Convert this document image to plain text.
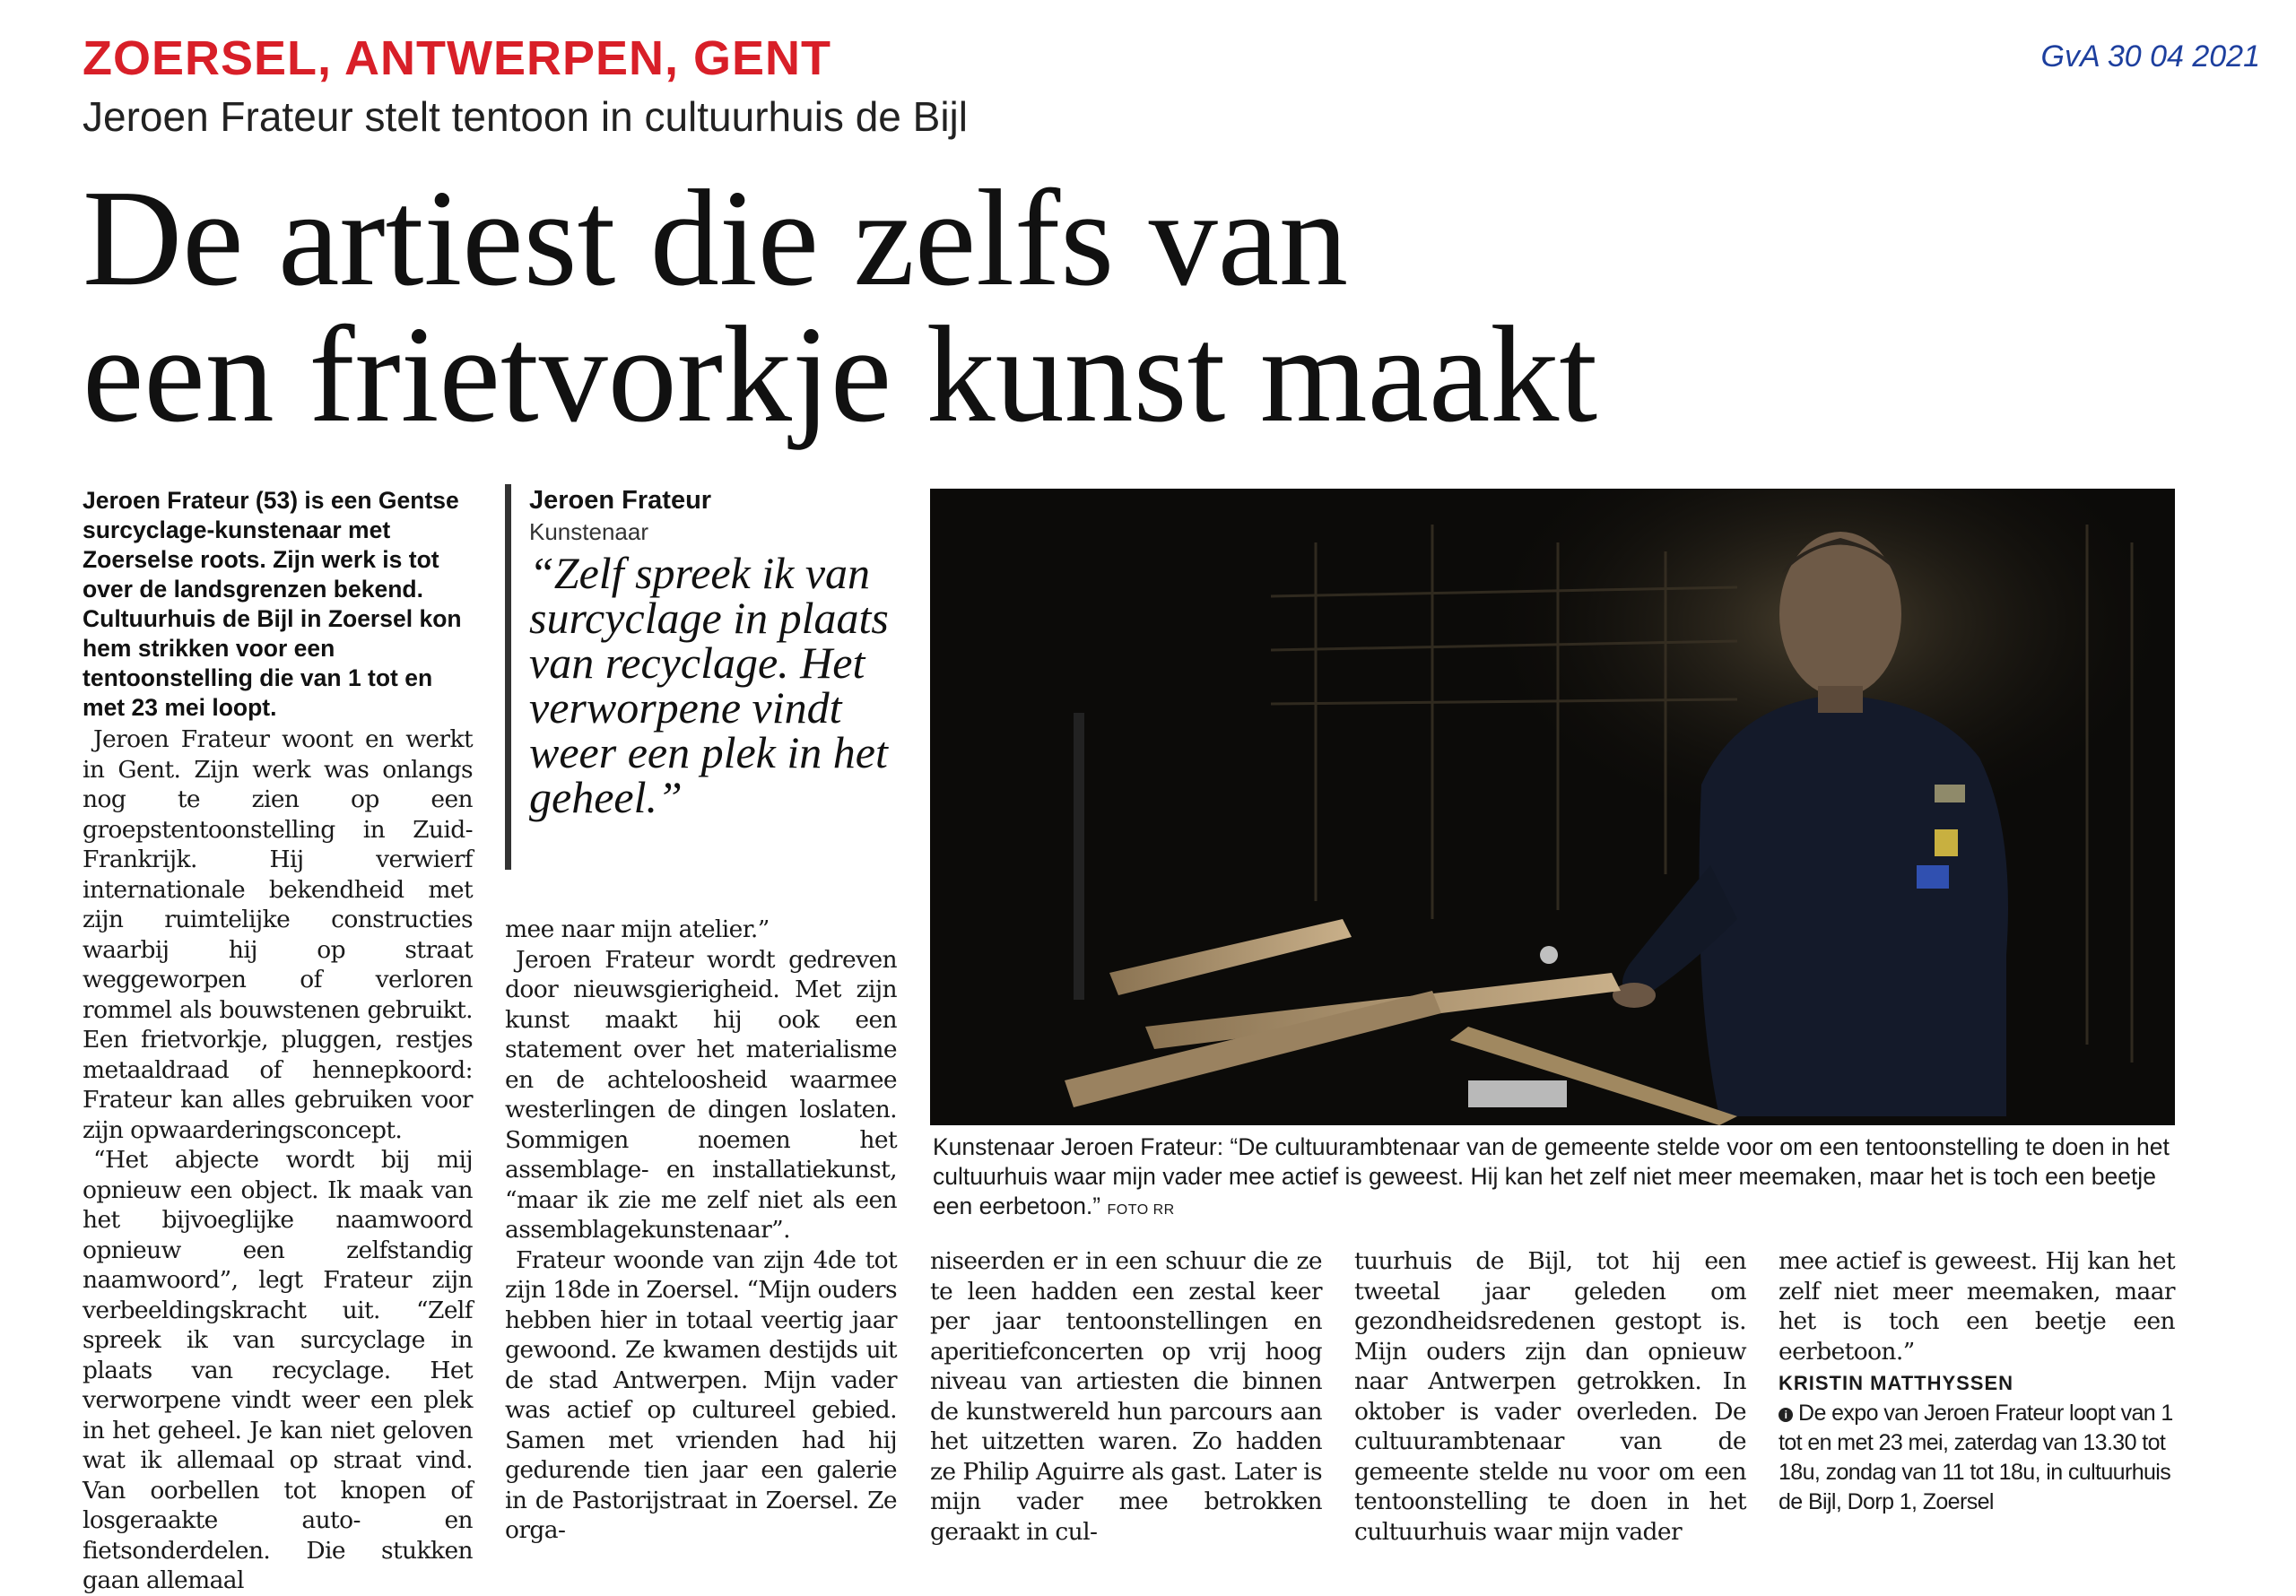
ZOERSEL, ANTWERPEN, GENT	GvA 30 04 2021
Jeroen Frateur stelt tentoon in cultuurhuis de Bijl
De artiest die zelfs van
een frietvorkje kunst maakt
Jeroen Frateur (53) is een Gentse surcyclage-kunstenaar met Zoerselse roots. Zijn werk is tot over de landsgrenzen bekend. Cultuurhuis de Bijl in Zoersel kon hem strikken voor een tentoonstelling die van 1 tot en met 23 mei loopt.

Jeroen Frateur woont en werkt in Gent. Zijn werk was onlangs nog te zien op een groepstentoonstelling in Zuid-Frankrijk. Hij verwierf internationale bekendheid met zijn ruimtelijke constructies waarbij hij op straat weggeworpen of verloren rommel als bouwstenen gebruikt. Een frietvorkje, pluggen, restjes metaaldraad of hennepkoord: Frateur kan alles gebruiken voor zijn opwaarderingsconcept.

“Het abjecte wordt bij mij opnieuw een object. Ik maak van het bijvoeglijke naamwoord opnieuw een zelfstandig naamwoord”, legt Frateur zijn verbeeldingskracht uit. “Zelf spreek ik van surcyclage in plaats van recyclage. Het verworpene vindt weer een plek in het geheel. Je kan niet geloven wat ik allemaal op straat vind. Van oorbellen tot knopen of losgeraakte auto- en fietsonderdelen. Die stukken gaan allemaal

Jeroen Frateur
Kunstenaar
“Zelf spreek ik van surcyclage in plaats van recyclage. Het verworpene vindt weer een plek in het geheel.”

mee naar mijn atelier.”

Jeroen Frateur wordt gedreven door nieuwsgierigheid. Met zijn kunst maakt hij ook een statement over het materialisme en de achteloosheid waarmee westerlingen de dingen loslaten. Sommigen noemen het assemblage- en installatiekunst, “maar ik zie me zelf niet als een assemblagekunstenaar”.

Frateur woonde van zijn 4de tot zijn 18de in Zoersel. “Mijn ouders hebben hier in totaal veertig jaar gewoond. Ze kwamen destijds uit de stad Antwerpen. Mijn vader was actief op cultureel gebied. Samen met vrienden had hij gedurende tien jaar een galerie in de Pastorijstraat in Zoersel. Ze orga-

Kunstenaar Jeroen Frateur: “De cultuurambtenaar van de gemeente stelde voor om een tentoonstelling te doen in het cultuurhuis waar mijn vader mee actief is geweest. Hij kan het zelf niet meer meemaken, maar het is toch een beetje een eerbetoon.” FOTO RR

niseerden er in een schuur die ze te leen hadden een zestal keer per jaar tentoonstellingen en aperitiefconcerten op vrij hoog niveau van artiesten die binnen de kunstwereld hun parcours aan het uitzetten waren. Zo hadden ze Philip Aguirre als gast. Later is mijn vader mee betrokken geraakt in cul-

tuurhuis de Bijl, tot hij een tweetal jaar geleden om gezondheidsredenen gestopt is. Mijn ouders zijn dan opnieuw naar Antwerpen getrokken. In oktober is vader overleden. De cultuurambtenaar van de gemeente stelde nu voor om een tentoonstelling te doen in het cultuurhuis waar mijn vader

mee actief is geweest. Hij kan het zelf niet meer meemaken, maar het is toch een beetje een eerbetoon.”

KRISTIN MATTHYSSEN
i De expo van Jeroen Frateur loopt van 1 tot en met 23 mei, zaterdag van 13.30 tot 18u, zondag van 11 tot 18u, in cultuurhuis de Bijl, Dorp 1, Zoersel
